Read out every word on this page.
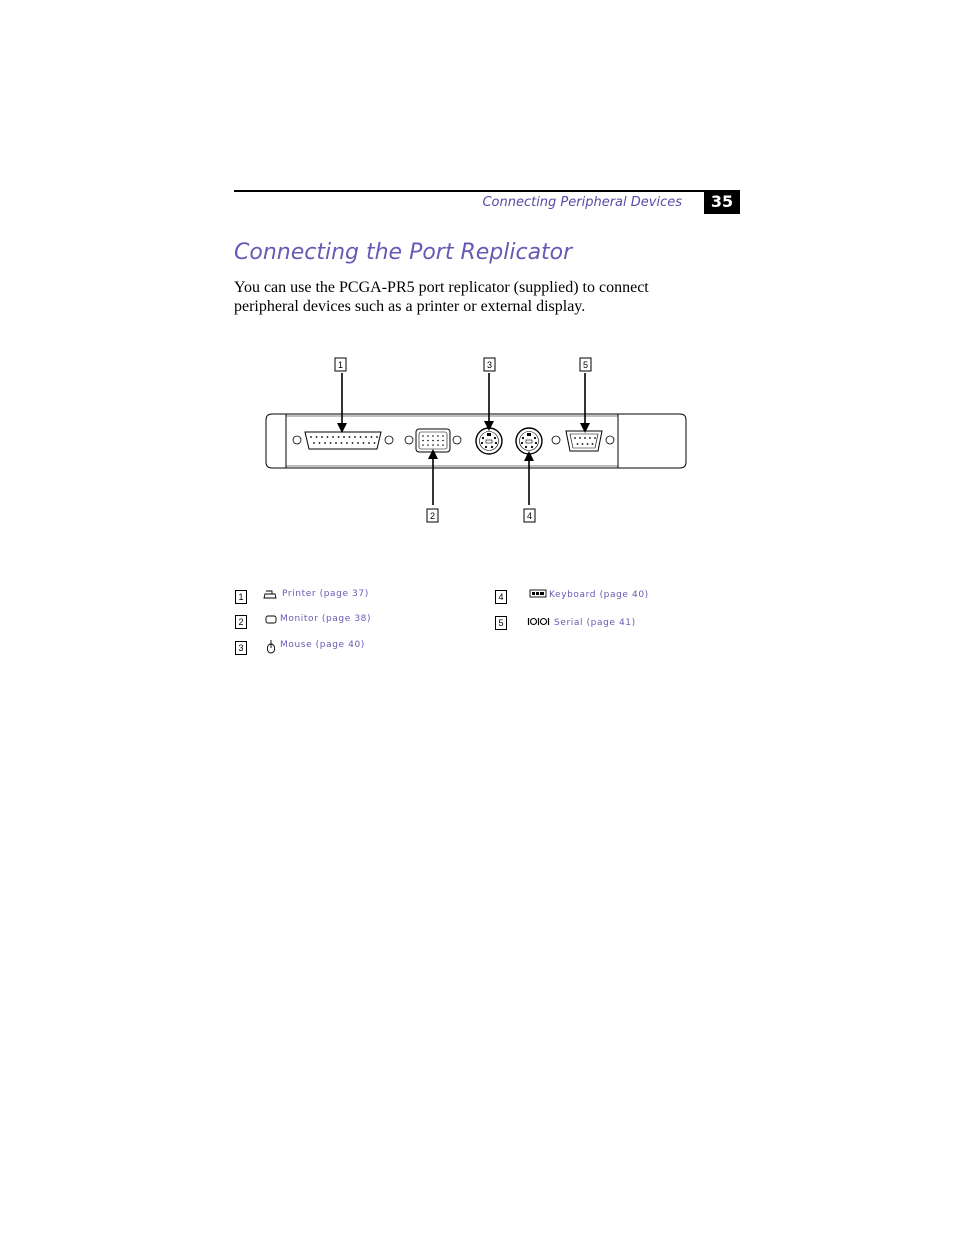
Connecting Peripheral Devices	35
Connecting the Port Replicator

You can use the PCGA-PR5 port replicator (supplied) to connect peripheral devices such as a printer or external display.

1	3	5
2	4
1	Printer (page 37)
2	Monitor (page 38)
3	Mouse (page 40)
4	Keyboard (page 40)
5	Serial (page 41)
